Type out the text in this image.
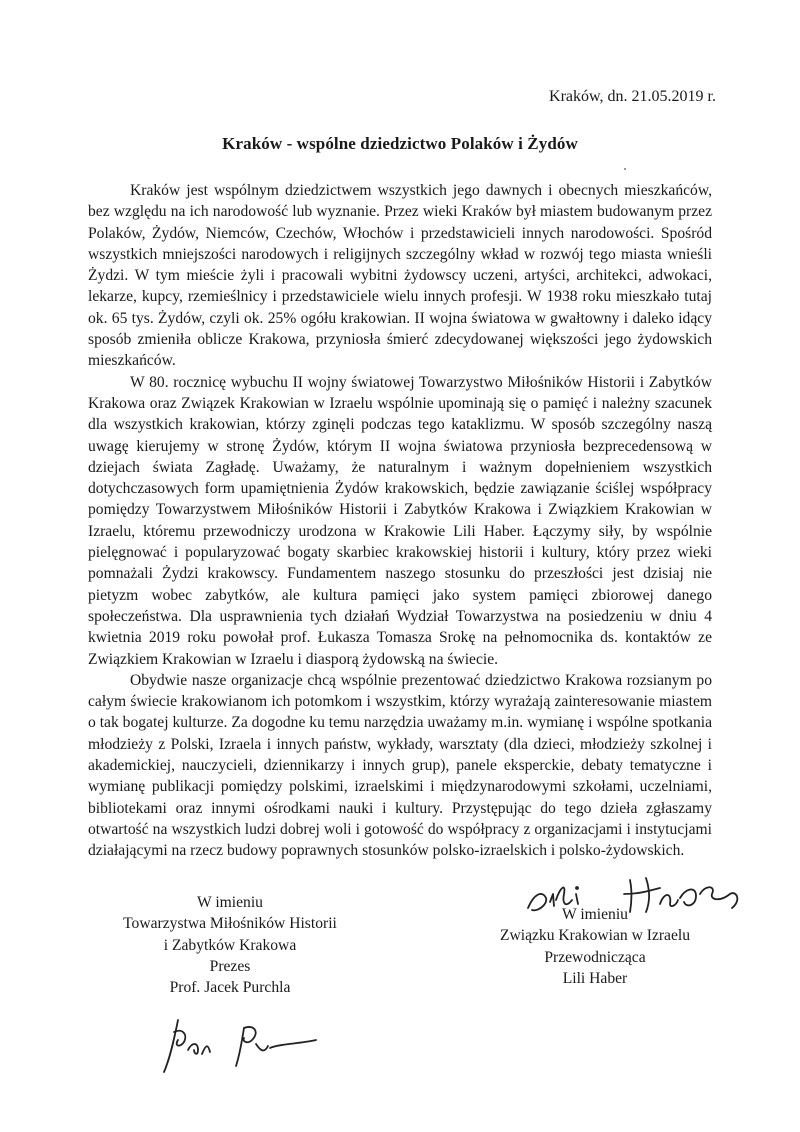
Kraków, dn. 21.05.2019 r.
Kraków - wspólne dziedzictwo Polaków i Żydów

Kraków jest wspólnym dziedzictwem wszystkich jego dawnych i obecnych mieszkańców, bez względu na ich narodowość lub wyznanie. Przez wieki Kraków był miastem budowanym przez Polaków, Żydów, Niemców, Czechów, Włochów i przedstawicieli innych narodowości. Spośród wszystkich mniejszości narodowych i religijnych szczególny wkład w rozwój tego miasta wnieśli Żydzi. W tym mieście żyli i pracowali wybitni żydowscy uczeni, artyści, architekci, adwokaci, lekarze, kupcy, rzemieślnicy i przedstawiciele wielu innych profesji. W 1938 roku mieszkało tutaj ok. 65 tys. Żydów, czyli ok. 25% ogółu krakowian. II wojna światowa w gwałtowny i daleko idący sposób zmieniła oblicze Krakowa, przyniosła śmierć zdecydowanej większości jego żydowskich mieszkańców.

W 80. rocznicę wybuchu II wojny światowej Towarzystwo Miłośników Historii i Zabytków Krakowa oraz Związek Krakowian w Izraelu wspólnie upominają się o pamięć i należny szacunek dla wszystkich krakowian, którzy zginęli podczas tego kataklizmu. W sposób szczególny naszą uwagę kierujemy w stronę Żydów, którym II wojna światowa przyniosła bezprecedensową w dziejach świata Zagładę. Uważamy, że naturalnym i ważnym dopełnieniem wszystkich dotychczasowych form upamiętnienia Żydów krakowskich, będzie zawiązanie ściślej współpracy pomiędzy Towarzystwem Miłośników Historii i Zabytków Krakowa i Związkiem Krakowian w Izraelu, któremu przewodniczy urodzona w Krakowie Lili Haber. Łączymy siły, by wspólnie pielęgnować i popularyzować bogaty skarbiec krakowskiej historii i kultury, który przez wieki pomnażali Żydzi krakowscy. Fundamentem naszego stosunku do przeszłości jest dzisiaj nie pietyzm wobec zabytków, ale kultura pamięci jako system pamięci zbiorowej danego społeczeństwa. Dla usprawnienia tych działań Wydział Towarzystwa na posiedzeniu w dniu 4 kwietnia 2019 roku powołał prof. Łukasza Tomasza Srokę na pełnomocnika ds. kontaktów ze Związkiem Krakowian w Izraelu i diasporą żydowską na świecie.

Obydwie nasze organizacje chcą wspólnie prezentować dziedzictwo Krakowa rozsianym po całym świecie krakowianom ich potomkom i wszystkim, którzy wyrażają zainteresowanie miastem o tak bogatej kulturze. Za dogodne ku temu narzędzia uważamy m.in. wymianę i wspólne spotkania młodzieży z Polski, Izraela i innych państw, wykłady, warsztaty (dla dzieci, młodzieży szkolnej i akademickiej, nauczycieli, dziennikarzy i innych grup), panele eksperckie, debaty tematyczne i wymianę publikacji pomiędzy polskimi, izraelskimi i międzynarodowymi szkołami, uczelniami, bibliotekami oraz innymi ośrodkami nauki i kultury. Przystępując do tego dzieła zgłaszamy otwartość na wszystkich ludzi dobrej woli i gotowość do współpracy z organizacjami i instytucjami działającymi na rzecz budowy poprawnych stosunków polsko-izraelskich i polsko-żydowskich.

W imieniu
Towarzystwa Miłośników Historii
i Zabytków Krakowa
Prezes
Prof. Jacek Purchla
W imieniu
Związku Krakowian w Izraelu
Przewodnicząca
Lili Haber
